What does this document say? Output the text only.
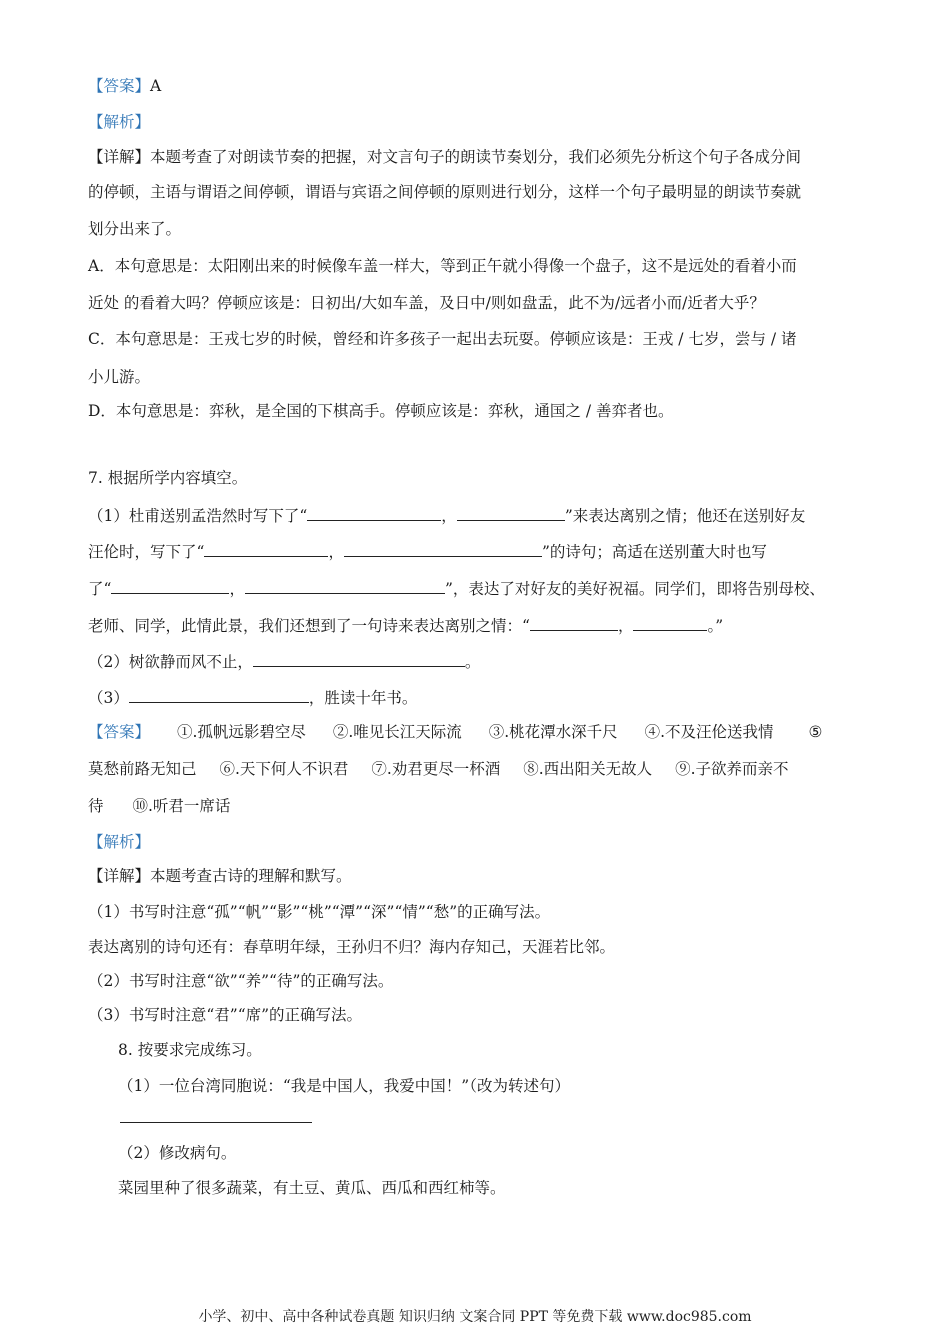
【答案】A
【解析】
【详解】本题考查了对朗读节奏的把握，对文言句子的朗读节奏划分，我们必须先分析这个句子各成分间
的停顿，主语与谓语之间停顿，谓语与宾语之间停顿的原则进行划分，这样一个句子最明显的朗读节奏就
划分出来了。
A．本句意思是：太阳刚出来的时候像车盖一样大，等到正午就小得像一个盘子，这不是远处的看着小而
近处 的看着大吗？停顿应该是：日初出/大如车盖，及日中/则如盘盂，此不为/远者小而/近者大乎？
C．本句意思是：王戎七岁的时候，曾经和许多孩子一起出去玩耍。停顿应该是：王戎 / 七岁，尝与 / 诸
小儿游。
D．本句意思是：弈秋，是全国的下棋高手。停顿应该是：弈秋，通国之 / 善弈者也。
7. 根据所学内容填空。
（1）杜甫送别孟浩然时写下了“	，	”来表达离别之情；他还在送别好友
汪伦时，写下了“	，	”的诗句；高适在送别董大时也写
了“	，	”，表达了对好友的美好祝福。同学们，即将告别母校、
老师、同学，此情此景，我们还想到了一句诗来表达离别之情：“	，	。”
（2）树欲静而风不止，	。
（3）	，胜读十年书。
【答案】 ①.孤帆远影碧空尽 ②.唯见长江天际流 ③.桃花潭水深千尺 ④.不及汪伦送我情 ⑤
莫愁前路无知己 ⑥.天下何人不识君 ⑦.劝君更尽一杯酒 ⑧.西出阳关无故人 ⑨.子欲养而亲不
待 ⑩.听君一席话
【解析】
【详解】本题考查古诗的理解和默写。
（1）书写时注意“孤”“帆”“影”“桃”“潭”“深”“情”“愁”的正确写法。
表达离别的诗句还有：春草明年绿，王孙归不归？海内存知己，天涯若比邻。
（2）书写时注意“欲”“养”“待”的正确写法。
（3）书写时注意“君”“席”的正确写法。
8. 按要求完成练习。
（1）一位台湾同胞说：“我是中国人，我爱中国！”（改为转述句）
（2）修改病句。
菜园里种了很多蔬菜，有土豆、黄瓜、西瓜和西红柿等。
小学、初中、高中各种试卷真题 知识归纳 文案合同 PPT 等免费下载 www.doc985.com
